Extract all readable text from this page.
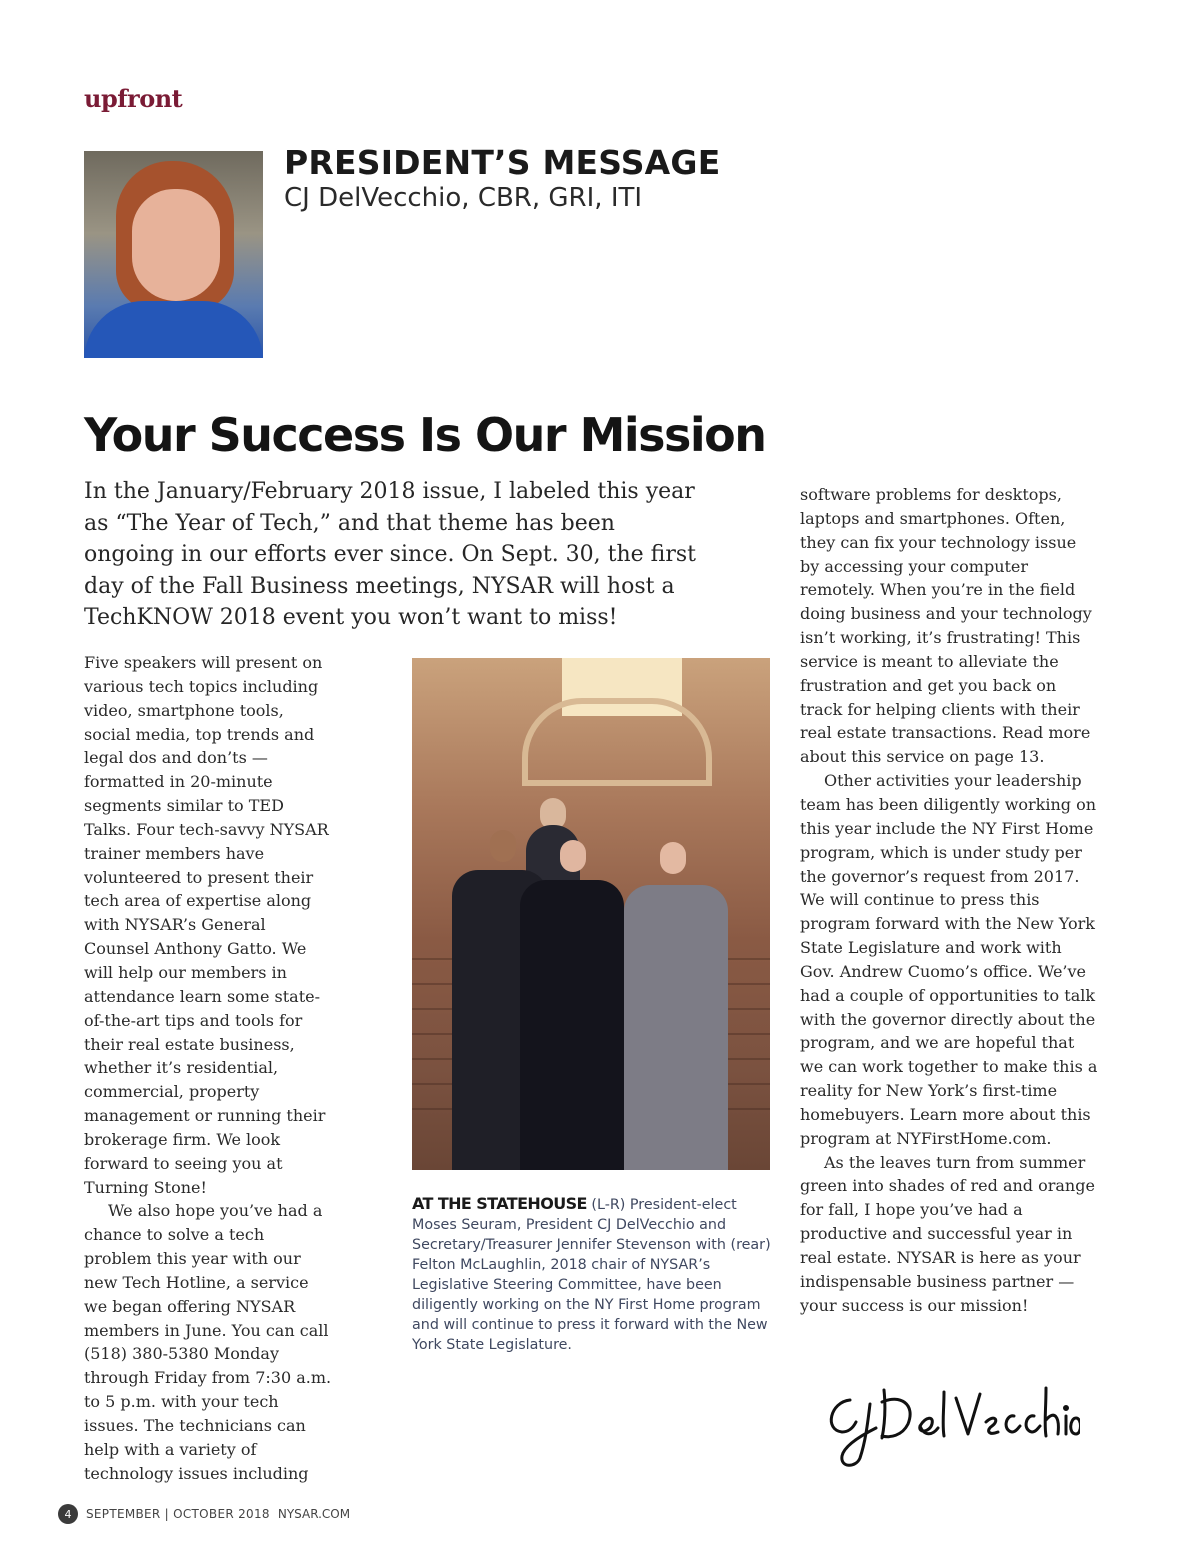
upfront
PRESIDENT’S MESSAGE
CJ DelVecchio, CBR, GRI, ITI
Your Success Is Our Mission

In the January/February 2018 issue, I labeled this year as “The Year of Tech,” and that theme has been ongoing in our efforts ever since. On Sept. 30, the first day of the Fall Business meetings, NYSAR will host a TechKNOW 2018 event you won’t want to miss!

Five speakers will present on various tech topics including video, smartphone tools, social media, top trends and legal dos and don’ts — formatted in 20-minute segments similar to TED Talks. Four tech-savvy NYSAR trainer members have volunteered to present their tech area of expertise along with NYSAR’s General Counsel Anthony Gatto. We will help our members in attendance learn some state-of-the-art tips and tools for their real estate business, whether it’s residential, commercial, property management or running their brokerage firm. We look forward to seeing you at Turning Stone!

We also hope you’ve had a chance to solve a tech problem this year with our new Tech Hotline, a service we began offering NYSAR members in June. You can call (518) 380-5380 Monday through Friday from 7:30 a.m. to 5 p.m. with your tech issues. The technicians can help with a variety of technology issues including

AT THE STATEHOUSE (L-R) President-elect Moses Seuram, President CJ DelVecchio and Secretary/Treasurer Jennifer Stevenson with (rear) Felton McLaughlin, 2018 chair of NYSAR’s Legislative Steering Committee, have been diligently working on the NY First Home program and will continue to press it forward with the New York State Legislature.

software problems for desktops, laptops and smartphones. Often, they can fix your technology issue by accessing your computer remotely. When you’re in the field doing business and your technology isn’t working, it’s frustrating! This service is meant to alleviate the frustration and get you back on track for helping clients with their real estate transactions. Read more about this service on page 13.

Other activities your leadership team has been diligently working on this year include the NY First Home program, which is under study per the governor’s request from 2017. We will continue to press this program forward with the New York State Legislature and work with Gov. Andrew Cuomo’s office. We’ve had a couple of opportunities to talk with the governor directly about the program, and we are hopeful that we can work together to make this a reality for New York’s first-time homebuyers. Learn more about this program at NYFirstHome.com.

As the leaves turn from summer green into shades of red and orange for fall, I hope you’ve had a productive and successful year in real estate. NYSAR is here as your indispensable business partner — your success is our mission!

4	SEPTEMBER | OCTOBER 2018 NYSAR.COM
